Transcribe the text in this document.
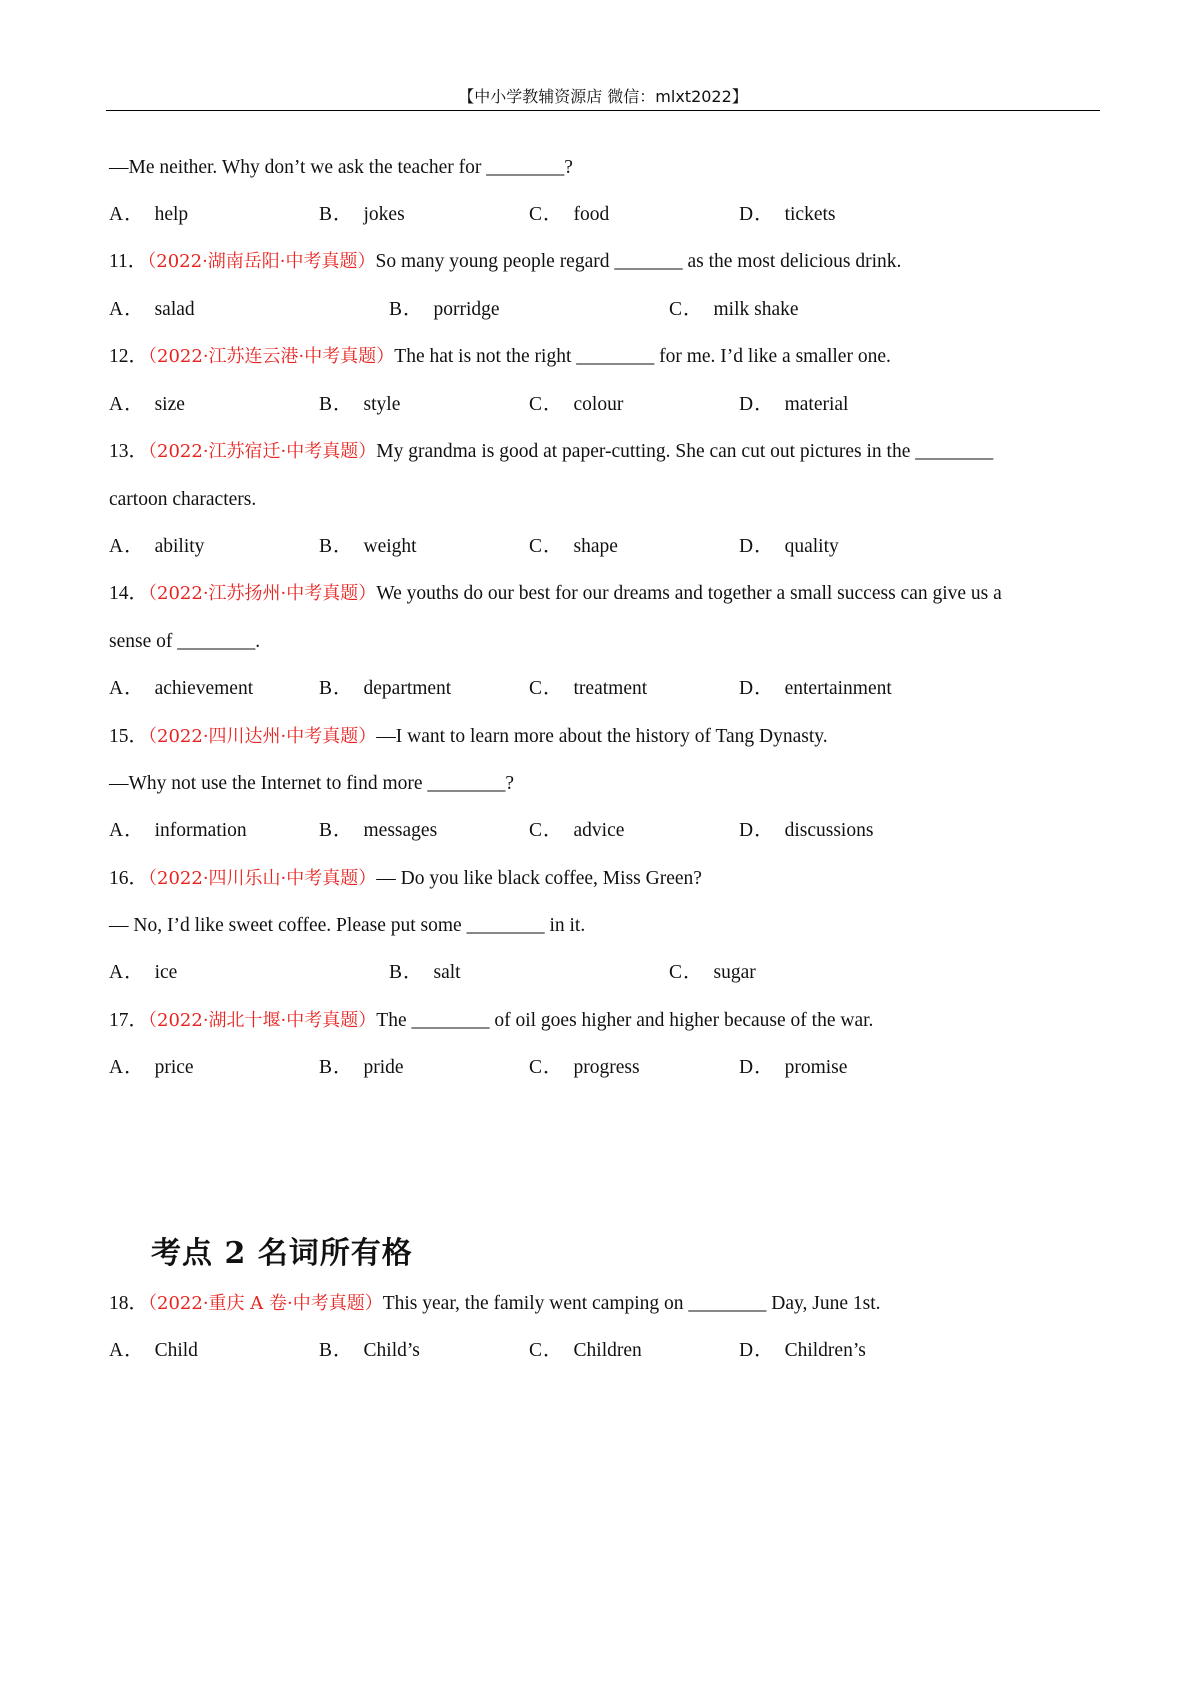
【中小学教辅资源店 微信：mlxt2022】
—Me neither. Why don’t we ask the teacher for ________?
A． help	B． jokes	C． food	D． tickets
11．（2022·湖南岳阳·中考真题）So many young people regard _______ as the most delicious drink.
A． salad	B． porridge	C． milk shake
12．（2022·江苏连云港·中考真题）The hat is not the right ________ for me. I’d like a smaller one.
A． size	B． style	C． colour	D． material
13．（2022·江苏宿迁·中考真题）My grandma is good at paper-cutting. She can cut out pictures in the ________
cartoon characters.
A． ability	B． weight	C． shape	D． quality
14．（2022·江苏扬州·中考真题）We youths do our best for our dreams and together a small success can give us a
sense of ________.
A． achievement	B． department	C． treatment	D． entertainment
15．（2022·四川达州·中考真题）—I want to learn more about the history of Tang Dynasty.
—Why not use the Internet to find more ________?
A． information	B． messages	C． advice	D． discussions
16．（2022·四川乐山·中考真题）— Do you like black coffee, Miss Green?
— No, I’d like sweet coffee. Please put some ________ in it.
A． ice	B． salt	C． sugar
17．（2022·湖北十堰·中考真题）The ________ of oil goes higher and higher because of the war.
A． price	B． pride	C． progress	D． promise
考点 2 名词所有格
18．（2022·重庆 A 卷·中考真题）This year, the family went camping on ________ Day, June 1st.
A． Child	B． Child’s	C． Children	D． Children’s
